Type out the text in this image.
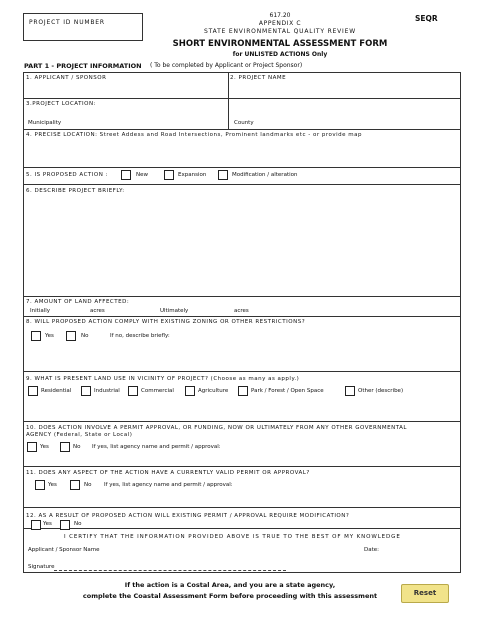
PROJECT ID NUMBER
617.20
APPENDIX C
STATE ENVIRONMENTAL QUALITY REVIEW
SHORT ENVIRONMENTAL ASSESSMENT FORM
for UNLISTED ACTIONS Only
SEQR
PART 1 - PROJECT INFORMATION ( To be completed by Applicant or Project Sponsor)
1. APPLICANT / SPONSOR	2. PROJECT NAME
3.PROJECT LOCATION:
Municipality	County
4. PRECISE LOCATION: Street Addess and Road Intersections, Prominent landmarks etc - or provide map
5. IS PROPOSED ACTION :	New	Expansion	Modification / alteration
6. DESCRIBE PROJECT BRIEFLY:
7. AMOUNT OF LAND AFFECTED:
Initially	acres	Ultimately	acres
8. WILL PROPOSED ACTION COMPLY WITH EXISTING ZONING OR OTHER RESTRICTIONS?
Yes	No	If no, describe briefly:
9. WHAT IS PRESENT LAND USE IN VICINITY OF PROJECT? (Choose as many as apply.)
Residential	Industrial	Commercial	Agriculture	Park / Forest / Open Space	Other (describe)
10. DOES ACTION INVOLVE A PERMIT APPROVAL, OR FUNDING, NOW OR ULTIMATELY FROM ANY OTHER GOVERNMENTAL
AGENCY (Federal, State or Local)
Yes	No If yes, list agency name and permit / approval:
11. DOES ANY ASPECT OF THE ACTION HAVE A CURRENTLY VALID PERMIT OR APPROVAL?
Yes	No If yes, list agency name and permit / approval:
12. AS A RESULT OF PROPOSED ACTION WILL EXISTING PERMIT / APPROVAL REQUIRE MODIFICATION?
Yes	No
I CERTIFY THAT THE INFORMATION PROVIDED ABOVE IS TRUE TO THE BEST OF MY KNOWLEDGE
Applicant / Sponsor Name	Date:
Signature
If the action is a Costal Area, and you are a state agency,
complete the Coastal Assessment Form before proceeding with this assessment	Reset
